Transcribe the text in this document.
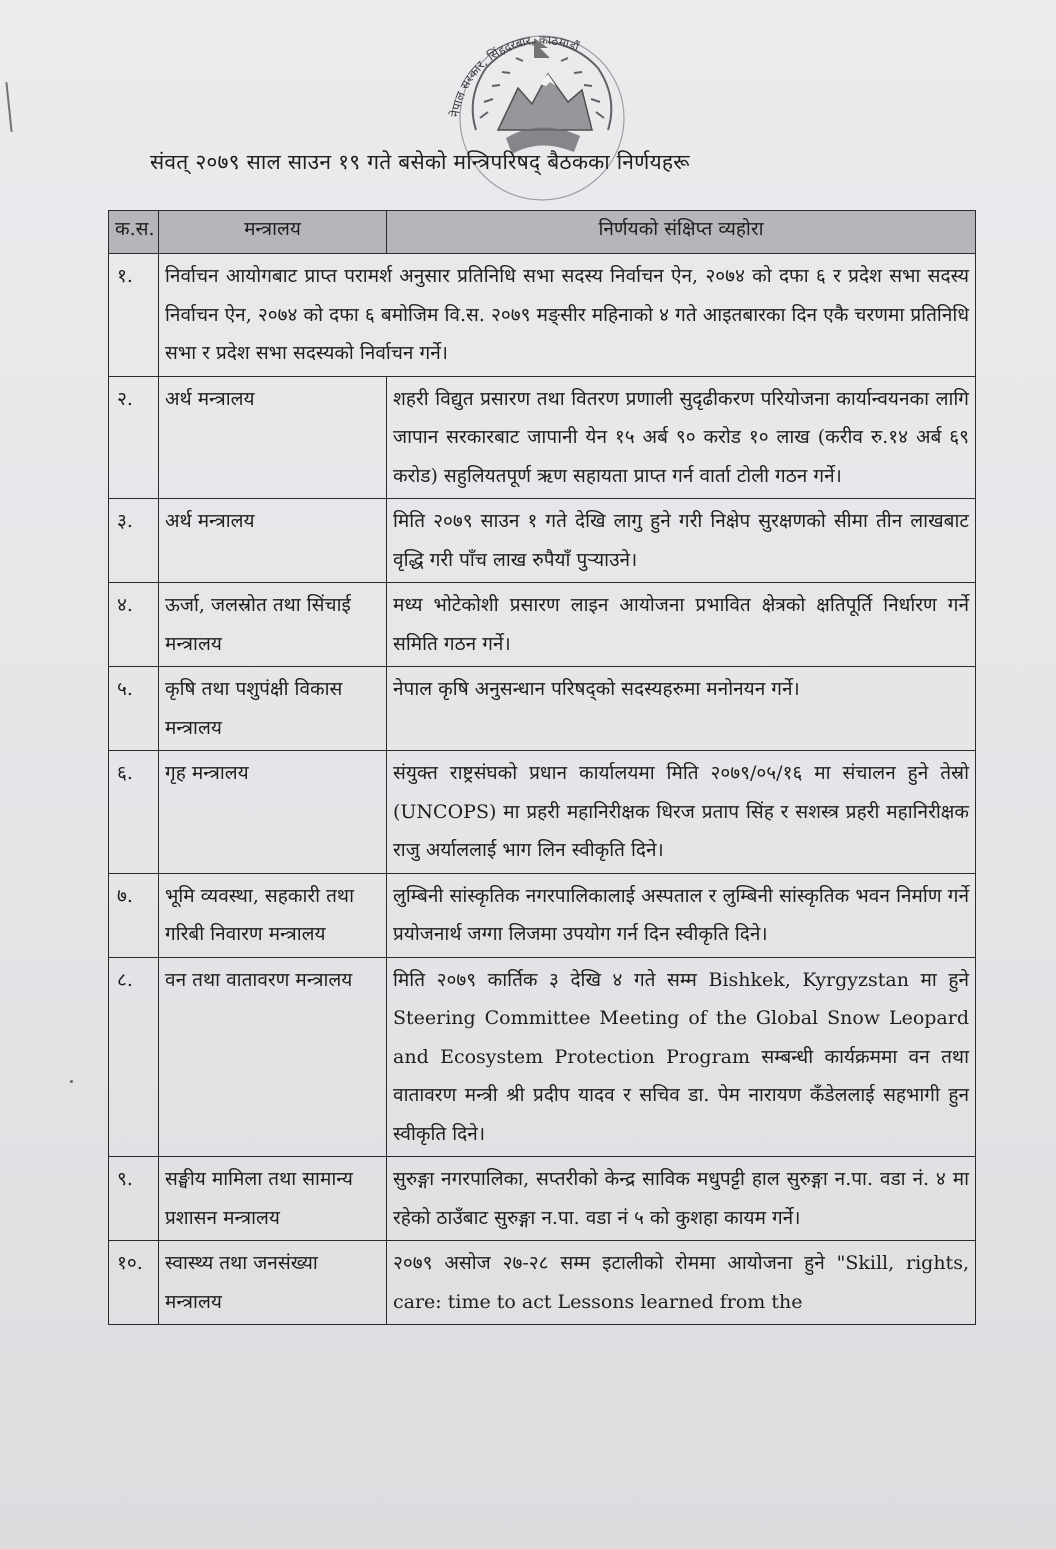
नेपाल सरकार, सिंहदरबार, काठमाडौं
संवत् २०७९ साल साउन १९ गते बसेको मन्त्रिपरिषद् बैठकका निर्णयहरू
क.स.	मन्त्रालय	निर्णयको संक्षिप्त व्यहोरा
१.	निर्वाचन आयोगबाट प्राप्त परामर्श अनुसार प्रतिनिधि सभा सदस्य निर्वाचन ऐन, २०७४ को दफा ६ र प्रदेश सभा सदस्य निर्वाचन ऐन, २०७४ को दफा ६ बमोजिम वि.स. २०७९ मङ्सीर महिनाको ४ गते आइतबारका दिन एकै चरणमा प्रतिनिधि सभा र प्रदेश सभा सदस्यको निर्वाचन गर्ने।	
२.	अर्थ मन्त्रालय	शहरी विद्युत प्रसारण तथा वितरण प्रणाली सुदृढीकरण परियोजना कार्यान्वयनका लागि जापान सरकारबाट जापानी येन १५ अर्ब ९० करोड १० लाख (करीव रु.१४ अर्ब ६९ करोड) सहुलियतपूर्ण ऋण सहायता प्राप्त गर्न वार्ता टोली गठन गर्ने।
३.	अर्थ मन्त्रालय	मिति २०७९ साउन १ गते देखि लागु हुने गरी निक्षेप सुरक्षणको सीमा तीन लाखबाट वृद्धि गरी पाँच लाख रुपैयाँ पुऱ्याउने।
४.	ऊर्जा, जलस्रोत तथा सिंचाई मन्त्रालय	मध्य भोटेकोशी प्रसारण लाइन आयोजना प्रभावित क्षेत्रको क्षतिपूर्ति निर्धारण गर्ने समिति गठन गर्ने।
५.	कृषि तथा पशुपंक्षी विकास मन्त्रालय	नेपाल कृषि अनुसन्धान परिषद्को सदस्यहरुमा मनोनयन गर्ने।
६.	गृह मन्त्रालय	संयुक्त राष्ट्रसंघको प्रधान कार्यालयमा मिति २०७९/०५/१६ मा संचालन हुने तेस्रो (UNCOPS) मा प्रहरी महानिरीक्षक धिरज प्रताप सिंह र सशस्त्र प्रहरी महानिरीक्षक राजु अर्याललाई भाग लिन स्वीकृति दिने।
७.	भूमि व्यवस्था, सहकारी तथा गरिबी निवारण मन्त्रालय	लुम्बिनी सांस्कृतिक नगरपालिकालाई अस्पताल र लुम्बिनी सांस्कृतिक भवन निर्माण गर्ने प्रयोजनार्थ जग्गा लिजमा उपयोग गर्न दिन स्वीकृति दिने।
८.	वन तथा वातावरण मन्त्रालय	मिति २०७९ कार्तिक ३ देखि ४ गते सम्म Bishkek, Kyrgyzstan मा हुने Steering Committee Meeting of the Global Snow Leopard and Ecosystem Protection Program सम्बन्धी कार्यक्रममा वन तथा वातावरण मन्त्री श्री प्रदीप यादव र सचिव डा. पेम नारायण कँडेललाई सहभागी हुन स्वीकृति दिने।
९.	सङ्घीय मामिला तथा सामान्य प्रशासन मन्त्रालय	सुरुङ्गा नगरपालिका, सप्तरीको केन्द्र साविक मधुपट्टी हाल सुरुङ्गा न.पा. वडा नं. ४ मा रहेको ठाउँबाट सुरुङ्गा न.पा. वडा नं ५ को कुशहा कायम गर्ने।
१०.	स्वास्थ्य तथा जनसंख्या मन्त्रालय	२०७९ असोज २७-२८ सम्म इटालीको रोममा आयोजना हुने "Skill, rights, care: time to act Lessons learned from the
